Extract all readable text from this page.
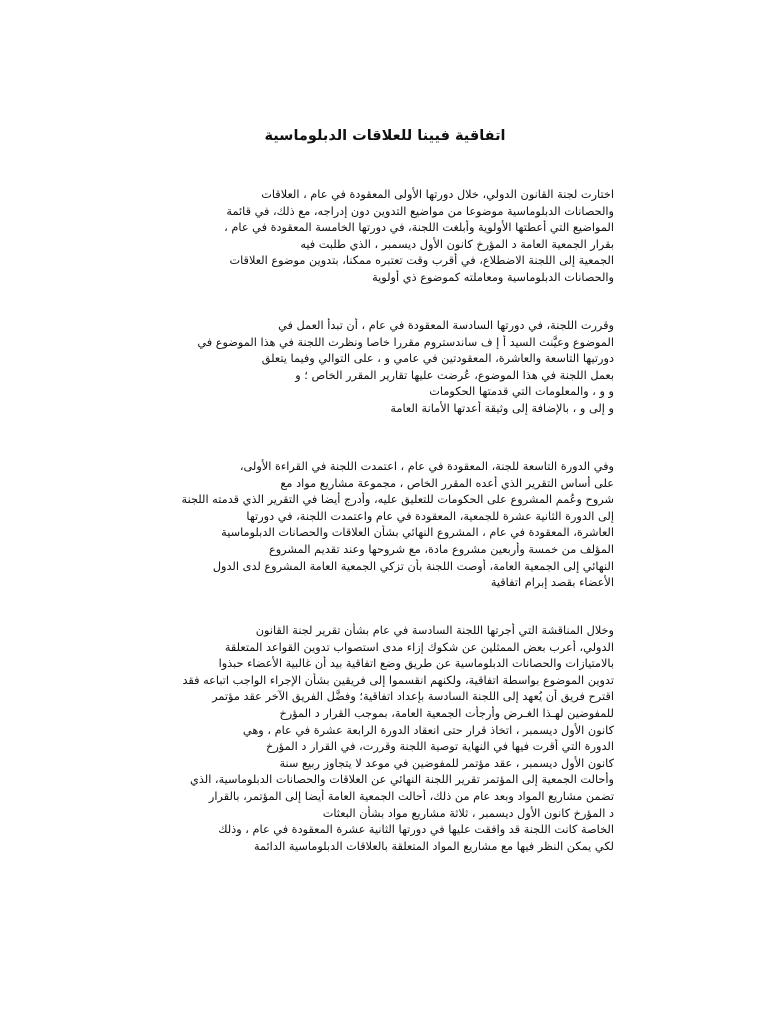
اتفاقية فيينا للعلاقات الدبلوماسية
اختارت لجنة القانون الدولي، خلال دورتها الأولى المعقودة في عام ، العلاقات
والحصانات الدبلوماسية موضوعا من مواضيع التدوين دون إدراجه، مع ذلك، في قائمة
المواضيع التي أعطتها الأولوية وأبلغت اللجنة، في دورتها الخامسة المعقودة في عام ،
بقرار الجمعية العامة د المؤرخ كانون الأول ديسمبر ، الذي طلبت فيه
الجمعية إلى اللجنة الاضطلاع، في أقرب وقت تعتبره ممكنا، بتدوين موضوع العلاقات
والحصانات الدبلوماسية ومعاملته كموضوع ذي أولوية
وقررت اللجنة، في دورتها السادسة المعقودة في عام ، أن تبدأ العمل في
الموضوع وعيَّنت السيد أ إ ف ساندستروم مقررا خاصا ونظرت اللجنة في هذا الموضوع في
دورتيها التاسعة والعاشرة، المعقودتين في عامي و ، على التوالي وفيما يتعلق
بعمل اللجنة في هذا الموضوع، عُرضت عليها تقارير المقرر الخاص ؛ و
و و ، والمعلومات التي قدمتها الحكومات
و إلى و ، بالإضافة إلى وثيقة أعدتها الأمانة العامة
وفي الدورة التاسعة للجنة، المعقودة في عام ، اعتمدت اللجنة في القراءة الأولى،
على أساس التقرير الذي أعده المقرر الخاص ، مجموعة مشاريع مواد مع
شروح وعُمم المشروع على الحكومات للتعليق عليه، وأدرج أيضا في التقرير الذي قدمته اللجنة
إلى الدورة الثانية عشرة للجمعية، المعقودة في عام واعتمدت اللجنة، في دورتها
العاشرة، المعقودة في عام ، المشروع النهائي بشأن العلاقات والحصانات الدبلوماسية
المؤلف من خمسة وأربعين مشروع مادة، مع شروحها وعند تقديم المشروع
النهائي إلى الجمعية العامة، أوصت اللجنة بأن تزكي الجمعية العامة المشروع لدى الدول
الأعضاء بقصد إبرام اتفاقية
وخلال المناقشة التي أجرتها اللجنة السادسة في عام بشأن تقرير لجنة القانون
الدولي، أعرب بعض الممثلين عن شكوك إزاء مدى استصواب تدوين القواعد المتعلقة
بالامتيازات والحصانات الدبلوماسية عن طريق وضع اتفاقية بيد أن غالبية الأعضاء حبذوا
تدوين الموضوع بواسطة اتفاقية، ولكنهم انقسموا إلى فريقين بشأن الإجراء الواجب اتباعه فقد
اقترح فريق أن يُعهد إلى اللجنة السادسة بإعداد اتفاقية؛ وفضَّل الفريق الآخر عقد مؤتمر
للمفوضين لهـذا الغـرض وأرجأت الجمعية العامة، بموجب القرار د المؤرخ
كانون الأول ديسمبر ، اتخاذ قرار حتى انعقاد الدورة الرابعة عشرة في عام ، وهي
الدورة التي أقرت فيها في النهاية توصية اللجنة وقررت، في القرار د المؤرخ
كانون الأول ديسمبر ، عقد مؤتمر للمفوضين في موعد لا يتجاوز ربيع سنة
وأحالت الجمعية إلى المؤتمر تقرير اللجنة النهائي عن العلاقات والحصانات الدبلوماسية، الذي
تضمن مشاريع المواد وبعد عام من ذلك، أحالت الجمعية العامة أيضا إلى المؤتمر، بالقرار
د المؤرخ كانون الأول ديسمبر ، ثلاثة مشاريع مواد بشأن البعثات
الخاصة كانت اللجنة قد وافقت عليها في دورتها الثانية عشرة المعقودة في عام ، وذلك
لكي يمكن النظر فيها مع مشاريع المواد المتعلقة بالعلاقات الدبلوماسية الدائمة
